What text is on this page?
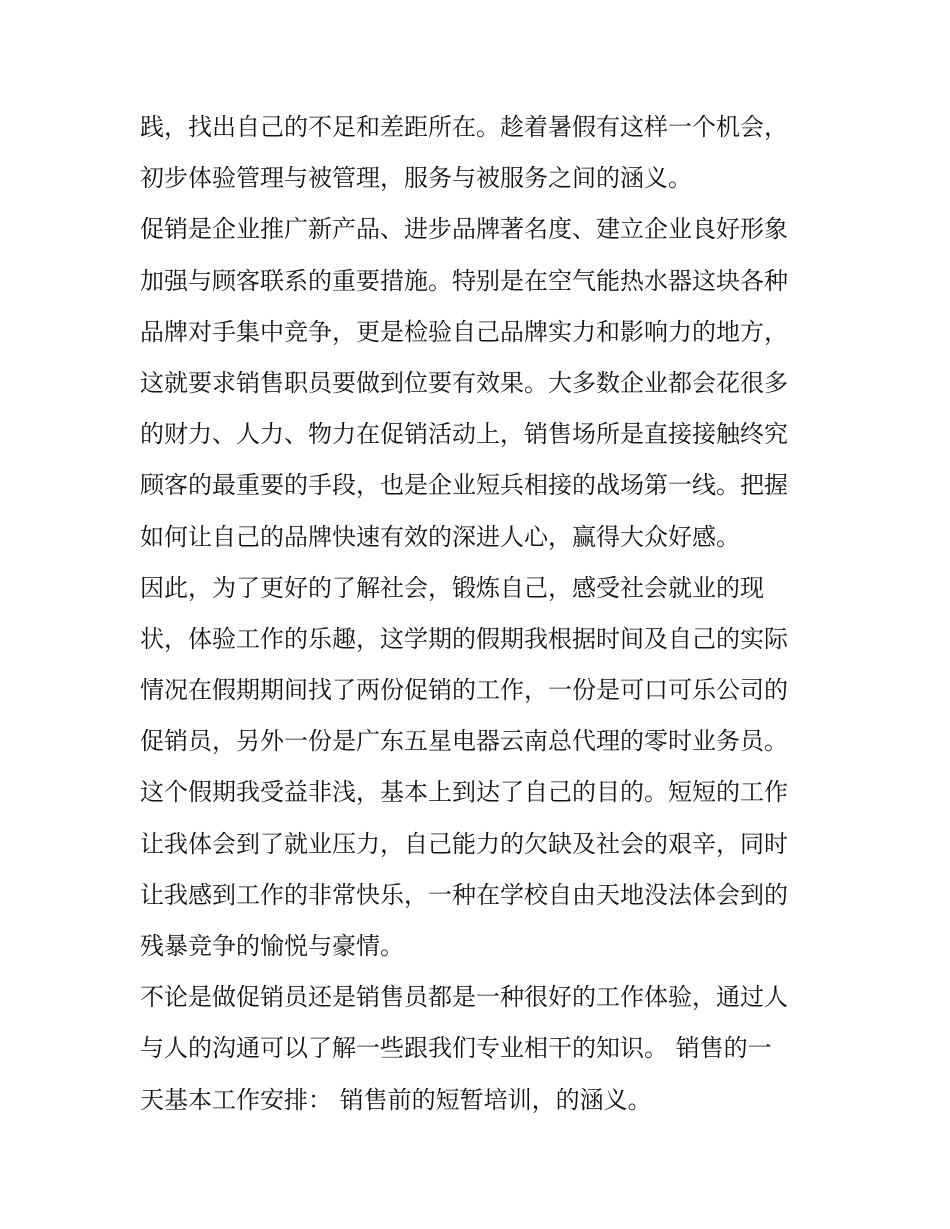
践，找出自己的不足和差距所在。趁着暑假有这样一个机会，
初步体验管理与被管理，服务与被服务之间的涵义。
促销是企业推广新产品、进步品牌著名度、建立企业良好形象
加强与顾客联系的重要措施。特别是在空气能热水器这块各种
品牌对手集中竞争，更是检验自己品牌实力和影响力的地方，
这就要求销售职员要做到位要有效果。大多数企业都会花很多
的财力、人力、物力在促销活动上，销售场所是直接接触终究
顾客的最重要的手段，也是企业短兵相接的战场第一线。把握
如何让自己的品牌快速有效的深进人心，赢得大众好感。
因此，为了更好的了解社会，锻炼自己，感受社会就业的现
状，体验工作的乐趣，这学期的假期我根据时间及自己的实际
情况在假期期间找了两份促销的工作，一份是可口可乐公司的
促销员，另外一份是广东五星电器云南总代理的零时业务员。
这个假期我受益非浅，基本上到达了自己的目的。短短的工作
让我体会到了就业压力，自己能力的欠缺及社会的艰辛，同时
让我感到工作的非常快乐，一种在学校自由天地没法体会到的
残暴竞争的愉悦与豪情。
不论是做促销员还是销售员都是一种很好的工作体验，通过人
与人的沟通可以了解一些跟我们专业相干的知识。 销售的一
天基本工作安排： 销售前的短暂培训，的涵义。
